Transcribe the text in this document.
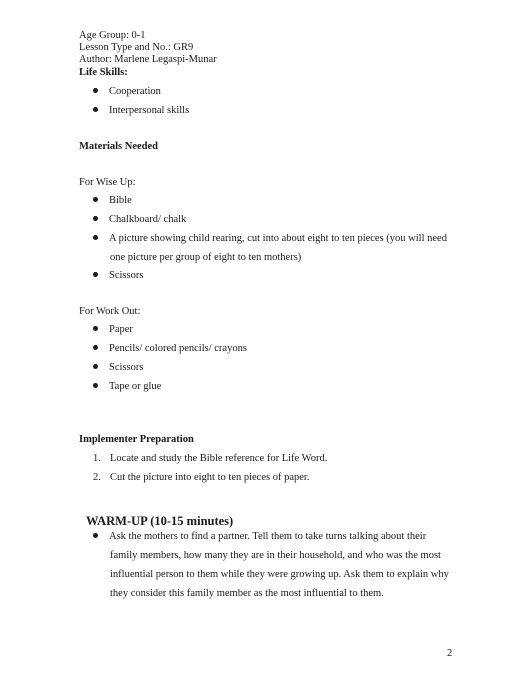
Age Group: 0-1
Lesson Type and No.: GR9
Author: Marlene Legaspi-Munar
Life Skills:
Cooperation
Interpersonal skills
Materials Needed
For Wise Up:
Bible
Chalkboard/ chalk
A picture showing child rearing, cut into about eight to ten pieces (you will need
one picture per group of eight to ten mothers)
Scissors
For Work Out:
Paper
Pencils/ colored pencils/ crayons
Scissors
Tape or glue
Implementer Preparation
1. Locate and study the Bible reference for Life Word.
2. Cut the picture into eight to ten pieces of paper.
WARM-UP (10-15 minutes)
Ask the mothers to find a partner. Tell them to take turns talking about their
family members, how many they are in their household, and who was the most
influential person to them while they were growing up. Ask them to explain why
they consider this family member as the most influential to them.
2
